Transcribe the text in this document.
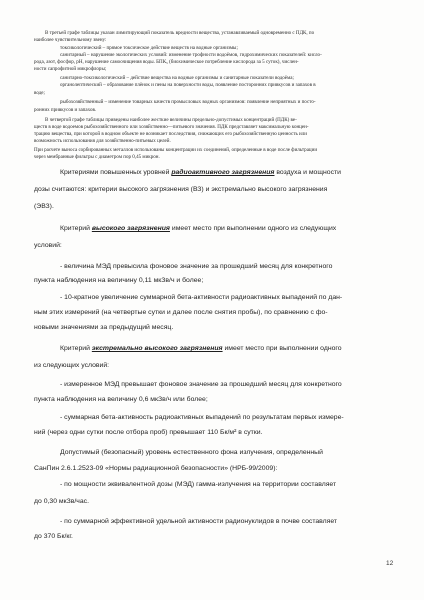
В третьей графе таблицы указан лимитирующий показатель вредности вещества, устанавливаемый одновременно с ПДК, по
наиболее чувствительному звену:
токсикологический – прямое токсическое действие веществ на водные организмы;
санитарный – нарушение экологических условий: изменение трофности водоёмов, гидрохимических показателей: кисло-
рода, азот, фосфор, pH, нарушение самоочищения воды. БПК₅ (биохимическое потребление кислорода за 5 суток), числен-
ности сапрофитной микрофлоры;
санитарно-токсикологический – действие вещества на водные организмы и санитарные показатели водоёма;
органолептический – образование плёнок и пены на поверхности воды, появление посторонних привкусов и запахов в
воде;
рыбохозяйственный – изменение товарных качеств промысловых водных организмов: появление неприятных и посто-
ронних привкусов и запахов.
В четвертой графе таблицы приведены наиболее жесткие величины предельно-допустимых концентраций (ПДК) ве-
ществ в воде водоемов рыбохозяйственного или хозяйственно—питьевого значения. ПДК представляет максимальную концен-
трацию вещества, при которой в водном объекте не возникает последствия, снижающих его рыбохозяйственную ценность или
возможность использования для хозяйственно-питьевых целей.
При расчете выноса сорбированных металлов использованы концентрации их соединений, определенные в воде после фильтрации
через мембранные фильтры с диаметром пор 0,45 микрон.
Критериями повышенных уровней радиоактивного загрязнения воздуха и мощности
дозы считаются: критерии высокого загрязнения (ВЗ) и экстремально высокого загрязнения
(ЭВЗ).
Критерий высокого загрязнения имеет место при выполнении одного из следующих
условий:
- величина МЭД превысила фоновое значение за прошедший месяц для конкретного
пункта наблюдения на величину 0,11 мкЗв/ч и более;
- 10-кратное увеличение суммарной бета-активности радиоактивных выпадений по дан-
ным этих измерений (на четвертые сутки и далее после снятия пробы), по сравнению с фо-
новыми значениями за предыдущий месяц.
Критерий экстремально высокого загрязнения имеет место при выполнении одного
из следующих условий:
- измеренное МЭД превышает фоновое значение за прошедший месяц для конкретного
пункта наблюдения на величину 0,6 мкЗв/ч или более;
- суммарная бета-активность радиоактивных выпадений по результатам первых измере-
ний (через одни сутки после отбора проб) превышает 110 Бк/м² в сутки.
Допустимый (безопасный) уровень естественного фона излучения, определенный
СанПин 2.6.1.2523-09 «Нормы радиационной безопасности» (НРБ-99/2009):
- по мощности эквивалентной дозы (МЭД) гамма-излучения на территории составляет
до 0,30 мкЗв/час.
- по суммарной эффективной удельной активности радионуклидов в почве составляет
до 370 Бк/кг.
12
